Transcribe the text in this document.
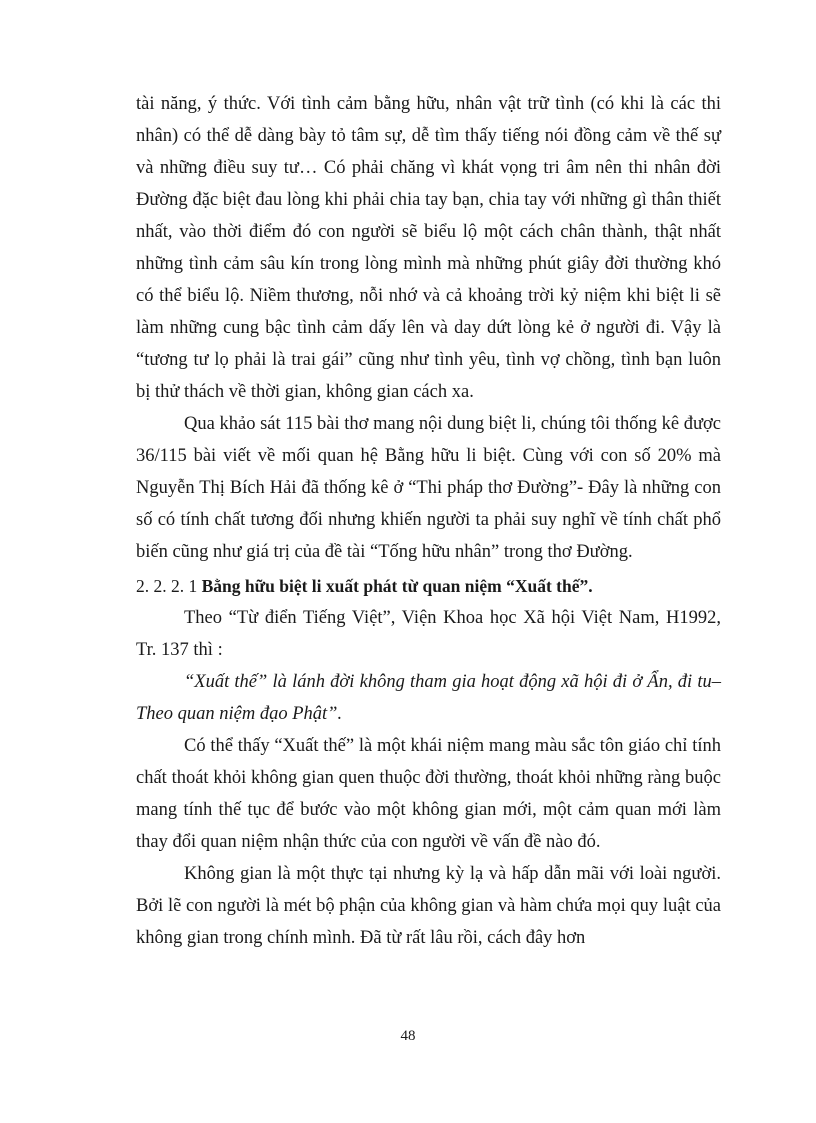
tài năng, ý thức. Với tình cảm bằng hữu, nhân vật trữ tình (có khi là các thi nhân) có thể dễ dàng bày tỏ tâm sự, dễ tìm thấy tiếng nói đồng cảm về thế sự và những điều suy tư… Có phải chăng vì khát vọng tri âm nên thi nhân đời Đường đặc biệt đau lòng khi phải chia tay bạn, chia tay với những gì thân thiết nhất, vào thời điểm đó con người sẽ biểu lộ một cách chân thành, thật nhất những tình cảm sâu kín trong lòng mình mà những phút giây đời thường khó có thể biểu lộ. Niềm thương, nỗi nhớ và cả khoảng trời kỷ niệm khi biệt li sẽ làm những cung bậc tình cảm dấy lên và day dứt lòng kẻ ở người đi. Vậy là “tương tư lọ phải là trai gái” cũng như tình yêu, tình vợ chồng, tình bạn luôn bị thử thách về thời gian, không gian cách xa.

Qua khảo sát 115 bài thơ mang nội dung biệt li, chúng tôi thống kê được 36/115 bài viết về mối quan hệ Bằng hữu li biệt. Cùng với con số 20% mà Nguyễn Thị Bích Hải đã thống kê ở “Thi pháp thơ Đường”- Đây là những con số có tính chất tương đối nhưng khiến người ta phải suy nghĩ về tính chất phổ biến cũng như giá trị của đề tài “Tống hữu nhân” trong thơ Đường.

2. 2. 2. 1 Bằng hữu biệt li xuất phát từ quan niệm “Xuất thế”.

Theo “Từ điển Tiếng Việt”, Viện Khoa học Xã hội Việt Nam, H1992, Tr. 137 thì :

“Xuất thế” là lánh đời không tham gia hoạt động xã hội đi ở Ẩn, đi tu– Theo quan niệm đạo Phật”.

Có thể thấy “Xuất thế” là một khái niệm mang màu sắc tôn giáo chỉ tính chất thoát khỏi không gian quen thuộc đời thường, thoát khỏi những ràng buộc mang tính thế tục để bước vào một không gian mới, một cảm quan mới làm thay đổi quan niệm nhận thức của con người về vấn đề nào đó.

Không gian là một thực tại nhưng kỳ lạ và hấp dẫn mãi với loài người. Bởi lẽ con người là mét bộ phận của không gian và hàm chứa mọi quy luật của không gian trong chính mình. Đã từ rất lâu rồi, cách đây hơn

48
